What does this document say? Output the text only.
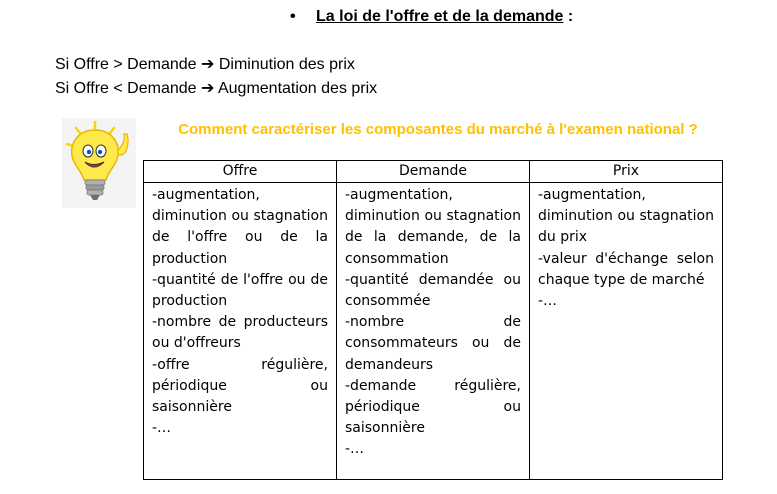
• La loi de l'offre et de la demande :
Si Offre > Demande ➔ Diminution des prix
Si Offre < Demande ➔ Augmentation des prix
Comment caractériser les composantes du marché à l'examen national ?
Offre	Demande	Prix

-augmentation, diminution ou stagnation de l'offre ou de la production
-quantité de l'offre ou de production
-nombre de producteurs ou d'offreurs
-offre régulière, périodique ou saisonnière
-…	-augmentation, diminution ou stagnation de la demande, de la consommation
-quantité demandée ou consommée
-nombre de consommateurs ou de demandeurs
-demande régulière, périodique ou saisonnière
-…	-augmentation, diminution ou stagnation du prix
-valeur d'échange selon chaque type de marché
-…
